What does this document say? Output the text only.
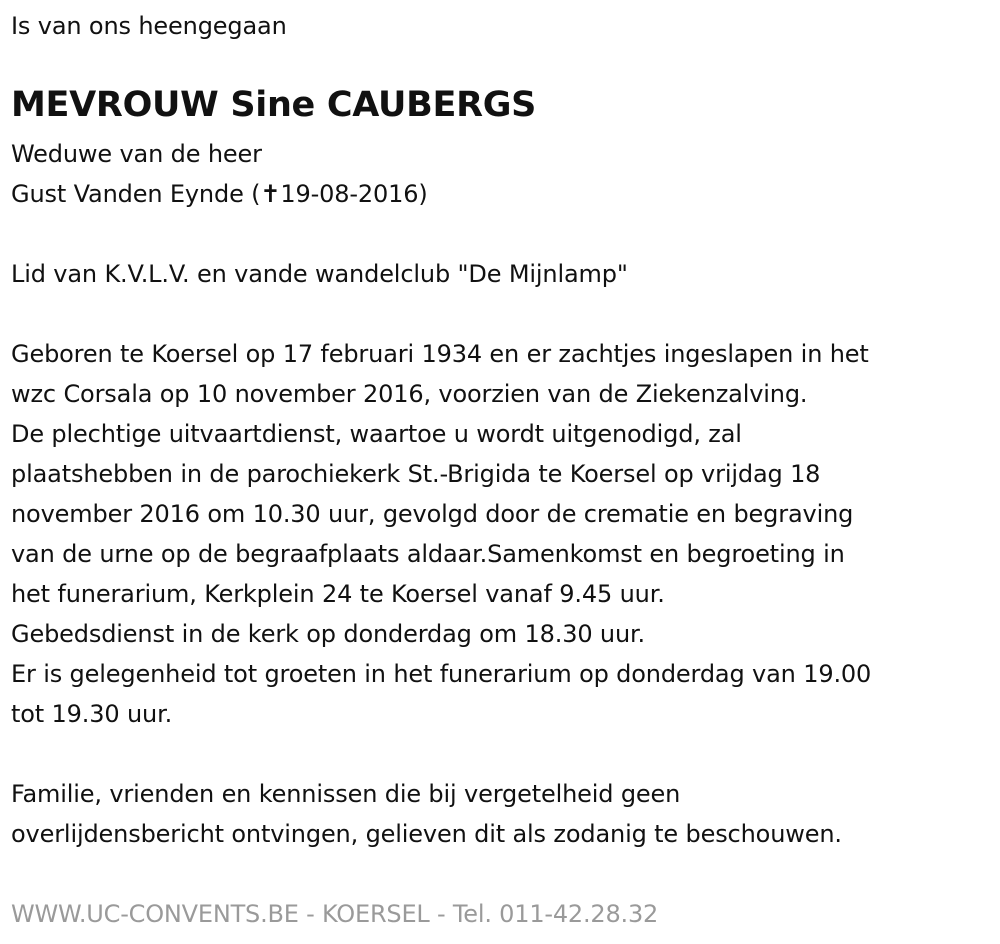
Is van ons heengegaan
MEVROUW Sine CAUBERGS
Weduwe van de heer
Gust Vanden Eynde (✝19-08-2016)
Lid van K.V.L.V. en vande wandelclub "De Mijnlamp"
Geboren te Koersel op 17 februari 1934 en er zachtjes ingeslapen in het
wzc Corsala op 10 november 2016, voorzien van de Ziekenzalving.
De plechtige uitvaartdienst, waartoe u wordt uitgenodigd, zal
plaatshebben in de parochiekerk St.-Brigida te Koersel op vrijdag 18
november 2016 om 10.30 uur, gevolgd door de crematie en begraving
van de urne op de begraafplaats aldaar.Samenkomst en begroeting in
het funerarium, Kerkplein 24 te Koersel vanaf 9.45 uur.
Gebedsdienst in de kerk op donderdag om 18.30 uur.
Er is gelegenheid tot groeten in het funerarium op donderdag van 19.00
tot 19.30 uur.
Familie, vrienden en kennissen die bij vergetelheid geen
overlijdensbericht ontvingen, gelieven dit als zodanig te beschouwen.
WWW.UC-CONVENTS.BE - KOERSEL - Tel. 011-42.28.32
